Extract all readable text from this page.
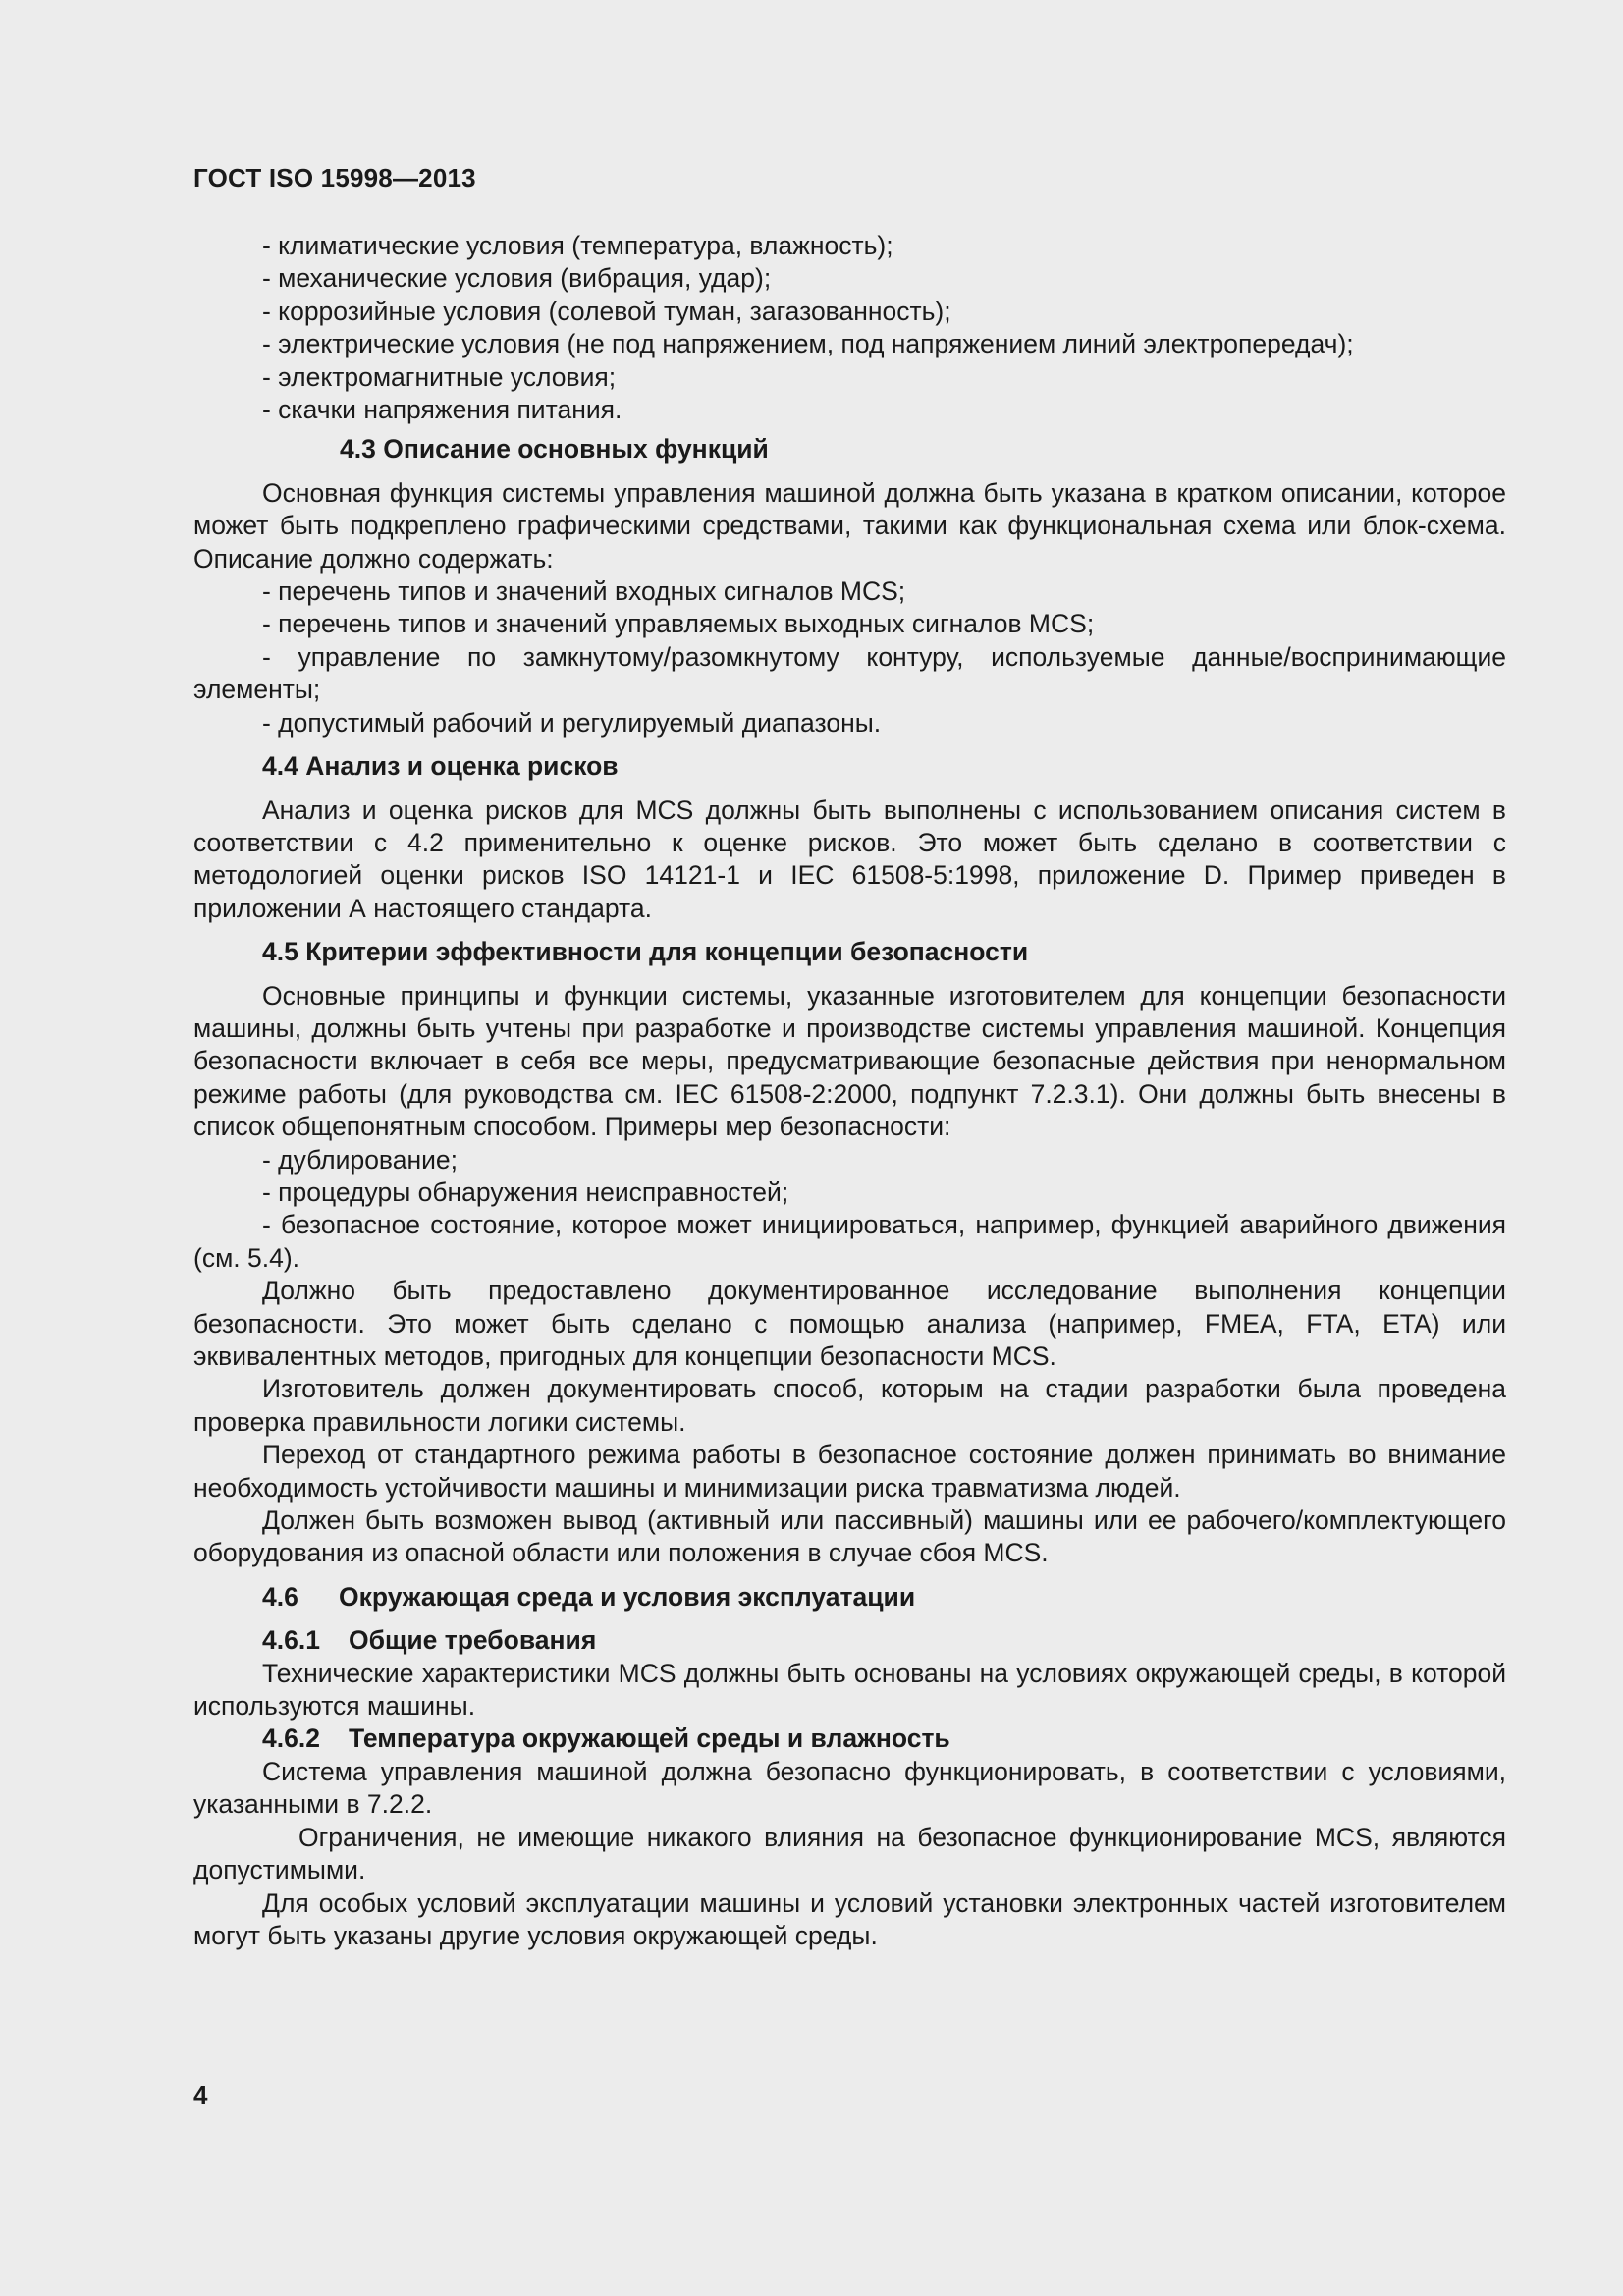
ГОСТ ISO 15998—2013

- климатические условия (температура, влажность);

- механические условия (вибрация, удар);

- коррозийные условия (солевой туман, загазованность);

- электрические условия (не под напряжением, под напряжением линий электропередач);

- электромагнитные условия;

- скачки напряжения питания.

4.3 Описание основных функций

Основная функция системы управления машиной должна быть указана в кратком описании, которое может быть подкреплено графическими средствами, такими как функциональная схема или блок-схема. Описание должно содержать:

- перечень типов и значений входных сигналов MCS;

- перечень типов и значений управляемых выходных сигналов MCS;

- управление по замкнутому/разомкнутому контуру, используемые данные/воспринимающие элементы;

- допустимый рабочий и регулируемый диапазоны.

4.4 Анализ и оценка рисков

Анализ и оценка рисков для MCS должны быть выполнены с использованием описания систем в соответствии с 4.2 применительно к оценке рисков. Это может быть сделано в соответствии с методологией оценки рисков ISO 14121-1 и IEC 61508-5:1998, приложение D. Пример приведен в приложении А настоящего стандарта.

4.5 Критерии эффективности для концепции безопасности

Основные принципы и функции системы, указанные изготовителем для концепции безопасности машины, должны быть учтены при разработке и производстве системы управления машиной. Концепция безопасности включает в себя все меры, предусматривающие безопасные действия при ненормальном режиме работы (для руководства см. IEC 61508-2:2000, подпункт 7.2.3.1). Они должны быть внесены в список общепонятным способом. Примеры мер безопасности:

- дублирование;

- процедуры обнаружения неисправностей;

- безопасное состояние, которое может инициироваться, например, функцией аварийного движения (см. 5.4).

Должно быть предоставлено документированное исследование выполнения концепции безопасности. Это может быть сделано с помощью анализа (например, FMEA, FTA, ETA) или эквивалентных методов, пригодных для концепции безопасности MCS.

Изготовитель должен документировать способ, которым на стадии разработки была проведена проверка правильности логики системы.

Переход от стандартного режима работы в безопасное состояние должен принимать во внимание необходимость устойчивости машины и минимизации риска травматизма людей.

Должен быть возможен вывод (активный или пассивный) машины или ее рабочего/комплектующего оборудования из опасной области или положения в случае сбоя MCS.

4.6 Окружающая среда и условия эксплуатации
4.6.1 Общие требования

Технические характеристики MCS должны быть основаны на условиях окружающей среды, в которой используются машины.

4.6.2 Температура окружающей среды и влажность

Система управления машиной должна безопасно функционировать, в соответствии с условиями, указанными в 7.2.2.

Ограничения, не имеющие никакого влияния на безопасное функционирование MCS, являются допустимыми.

Для особых условий эксплуатации машины и условий установки электронных частей изготовителем могут быть указаны другие условия окружающей среды.

4
